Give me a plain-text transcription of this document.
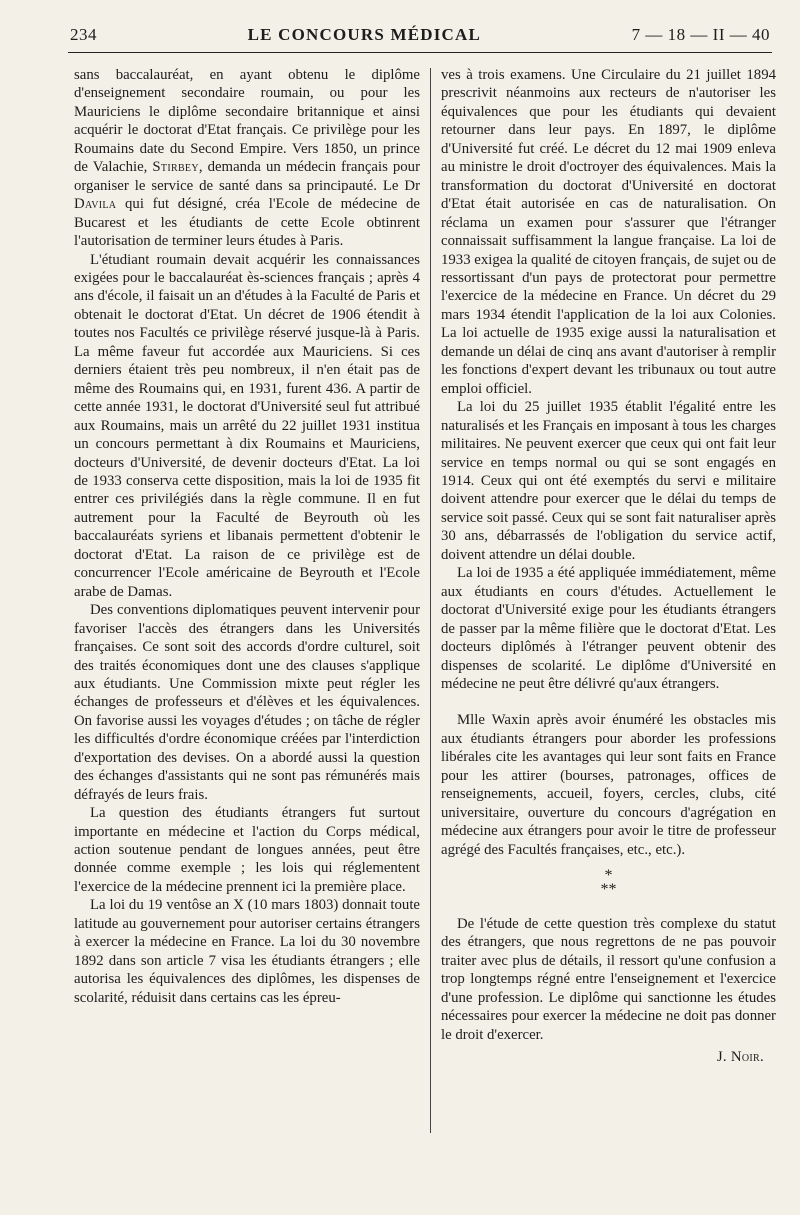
234	LE CONCOURS MÉDICAL	7 — 18 — II — 40

sans baccalauréat, en ayant obtenu le diplôme d'enseignement secondaire roumain, ou pour les Mauriciens le diplôme secondaire britannique et ainsi acquérir le doctorat d'Etat français. Ce privilège pour les Roumains date du Second Empire. Vers 1850, un prince de Valachie, Stirbey, demanda un médecin français pour organiser le service de santé dans sa principauté. Le Dr Davila qui fut désigné, créa l'Ecole de médecine de Bucarest et les étudiants de cette Ecole obtinrent l'autorisation de terminer leurs études à Paris.

L'étudiant roumain devait acquérir les connaissances exigées pour le baccalauréat ès-sciences français ; après 4 ans d'école, il faisait un an d'études à la Faculté de Paris et obtenait le doctorat d'Etat. Un décret de 1906 étendit à toutes nos Facultés ce privilège réservé jusque-là à Paris. La même faveur fut accordée aux Mauriciens. Si ces derniers étaient très peu nombreux, il n'en était pas de même des Roumains qui, en 1931, furent 436. A partir de cette année 1931, le doctorat d'Université seul fut attribué aux Roumains, mais un arrêté du 22 juillet 1931 institua un concours permettant à dix Roumains et Mauriciens, docteurs d'Université, de devenir docteurs d'Etat. La loi de 1933 conserva cette disposition, mais la loi de 1935 fit entrer ces privilégiés dans la règle commune. Il en fut autrement pour la Faculté de Beyrouth où les baccalauréats syriens et libanais permettent d'obtenir le doctorat d'Etat. La raison de ce privilège est de concurrencer l'Ecole américaine de Beyrouth et l'Ecole arabe de Damas.

Des conventions diplomatiques peuvent intervenir pour favoriser l'accès des étrangers dans les Universités françaises. Ce sont soit des accords d'ordre culturel, soit des traités économiques dont une des clauses s'applique aux étudiants. Une Commission mixte peut régler les échanges de professeurs et d'élèves et les équivalences. On favorise aussi les voyages d'études ; on tâche de régler les difficultés d'ordre économique créées par l'interdiction d'exportation des devises. On a abordé aussi la question des échanges d'assistants qui ne sont pas rémunérés mais défrayés de leurs frais.

La question des étudiants étrangers fut surtout importante en médecine et l'action du Corps médical, action soutenue pendant de longues années, peut être donnée comme exemple ; les lois qui réglementent l'exercice de la médecine prennent ici la première place.

La loi du 19 ventôse an X (10 mars 1803) donnait toute latitude au gouvernement pour autoriser certains étrangers à exercer la médecine en France. La loi du 30 novembre 1892 dans son article 7 visa les étudiants étrangers ; elle autorisa les équivalences des diplômes, les dispenses de scolarité, réduisit dans certains cas les épreu-

ves à trois examens. Une Circulaire du 21 juillet 1894 prescrivit néanmoins aux recteurs de n'autoriser les équivalences que pour les étudiants qui devaient retourner dans leur pays. En 1897, le diplôme d'Université fut créé. Le décret du 12 mai 1909 enleva au ministre le droit d'octroyer des équivalences. Mais la transformation du doctorat d'Université en doctorat d'Etat était autorisée en cas de naturalisation. On réclama un examen pour s'assurer que l'étranger connaissait suffisamment la langue française. La loi de 1933 exigea la qualité de citoyen français, de sujet ou de ressortissant d'un pays de protectorat pour permettre l'exercice de la médecine en France. Un décret du 29 mars 1934 étendit l'application de la loi aux Colonies. La loi actuelle de 1935 exige aussi la naturalisation et demande un délai de cinq ans avant d'autoriser à remplir les fonctions d'expert devant les tribunaux ou tout autre emploi officiel.

La loi du 25 juillet 1935 établit l'égalité entre les naturalisés et les Français en imposant à tous les charges militaires. Ne peuvent exercer que ceux qui ont fait leur service en temps normal ou qui se sont engagés en 1914. Ceux qui ont été exemptés du servi e militaire doivent attendre pour exercer que le délai du temps de service soit passé. Ceux qui se sont fait naturaliser après 30 ans, débarrassés de l'obligation du service actif, doivent attendre un délai double.

La loi de 1935 a été appliquée immédiatement, même aux étudiants en cours d'études. Actuellement le doctorat d'Université exige pour les étudiants étrangers de passer par la même filière que le doctorat d'Etat. Les docteurs diplômés à l'étranger peuvent obtenir des dispenses de scolarité. Le diplôme d'Université en médecine ne peut être délivré qu'aux étrangers.

Mlle Waxin après avoir énuméré les obstacles mis aux étudiants étrangers pour aborder les professions libérales cite les avantages qui leur sont faits en France pour les attirer (bourses, patronages, offices de renseignements, accueil, foyers, cercles, clubs, cité universitaire, ouverture du concours d'agrégation en médecine aux étrangers pour avoir le titre de professeur agrégé des Facultés françaises, etc., etc.).

*
**

De l'étude de cette question très complexe du statut des étrangers, que nous regrettons de ne pas pouvoir traiter avec plus de détails, il ressort qu'une confusion a trop longtemps régné entre l'enseignement et l'exercice d'une profession. Le diplôme qui sanctionne les études nécessaires pour exercer la médecine ne doit pas donner le droit d'exercer.

J. Noir.
